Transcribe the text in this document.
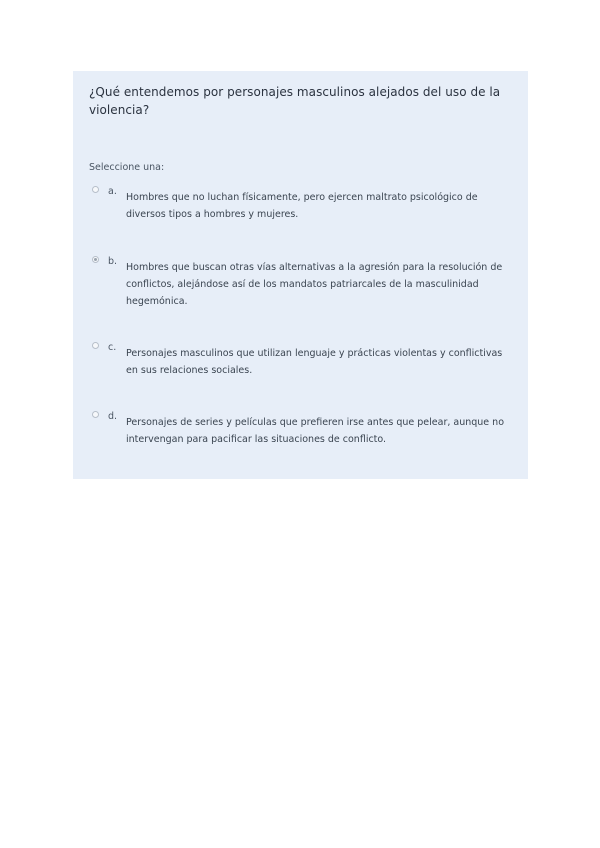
¿Qué entendemos por personajes masculinos alejados del uso de la violencia?

Seleccione una:
a.
Hombres que no luchan físicamente, pero ejercen maltrato psicológico de diversos tipos a hombres y mujeres.
b.
Hombres que buscan otras vías alternativas a la agresión para la resolución de conflictos, alejándose así de los mandatos patriarcales de la masculinidad hegemónica.
c.
Personajes masculinos que utilizan lenguaje y prácticas violentas y conflictivas en sus relaciones sociales.
d.
Personajes de series y películas que prefieren irse antes que pelear, aunque no intervengan para pacificar las situaciones de conflicto.
